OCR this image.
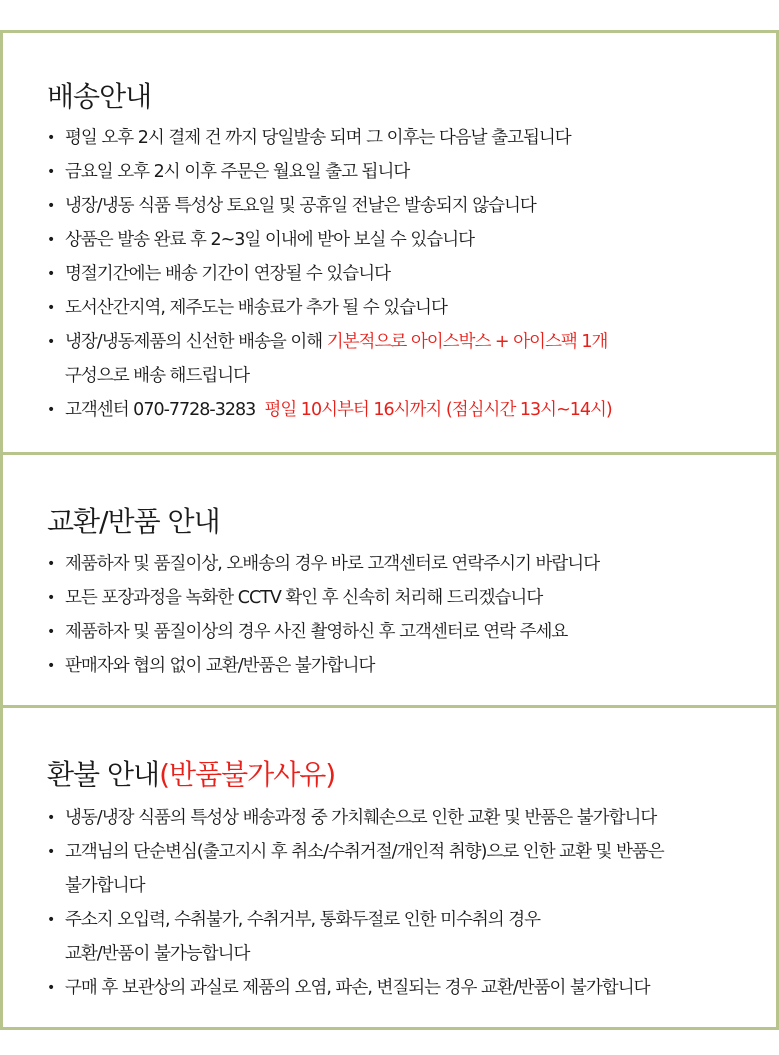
배송안내
• 평일 오후 2시 결제 건 까지 당일발송 되며 그 이후는 다음날 출고됩니다
• 금요일 오후 2시 이후 주문은 월요일 출고 됩니다
• 냉장/냉동 식품 특성상 토요일 및 공휴일 전날은 발송되지 않습니다
• 상품은 발송 완료 후 2~3일 이내에 받아 보실 수 있습니다
• 명절기간에는 배송 기간이 연장될 수 있습니다
• 도서산간지역, 제주도는 배송료가 추가 될 수 있습니다
• 냉장/냉동제품의 신선한 배송을 이해 기본적으로 아이스박스 + 아이스팩 1개
구성으로 배송 해드립니다
• 고객센터 070-7728-3283 평일 10시부터 16시까지 (점심시간 13시~14시)
교환/반품 안내
• 제품하자 및 품질이상, 오배송의 경우 바로 고객센터로 연락주시기 바랍니다
• 모든 포장과정을 녹화한 CCTV 확인 후 신속히 처리해 드리겠습니다
• 제품하자 및 품질이상의 경우 사진 촬영하신 후 고객센터로 연락 주세요
• 판매자와 협의 없이 교환/반품은 불가합니다
환불 안내(반품불가사유)
• 냉동/냉장 식품의 특성상 배송과정 중 가치훼손으로 인한 교환 및 반품은 불가합니다
• 고객님의 단순변심(출고지시 후 취소/수취거절/개인적 취향)으로 인한 교환 및 반품은
불가합니다
• 주소지 오입력, 수취불가, 수취거부, 통화두절로 인한 미수취의 경우
교환/반품이 불가능합니다
• 구매 후 보관상의 과실로 제품의 오염, 파손, 변질되는 경우 교환/반품이 불가합니다
